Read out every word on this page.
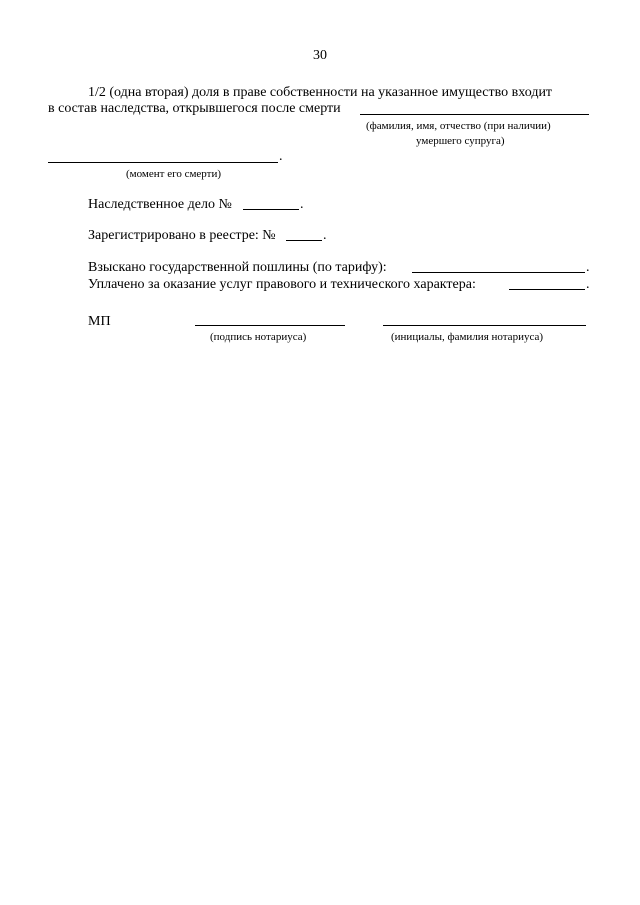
30
1/2 (одна вторая) доля в праве собственности на указанное имущество входит
в состав наследства, открывшегося после смерти
(фамилия, имя, отчество (при наличии)
умершего супруга)
.
(момент его смерти)
Наследственное дело №	.
Зарегистрировано в реестре: №	.
Взыскано государственной пошлины (по тарифу):	.
Уплачено за оказание услуг правового и технического характера:	.
МП
(подпись нотариуса)	(инициалы, фамилия нотариуса)
